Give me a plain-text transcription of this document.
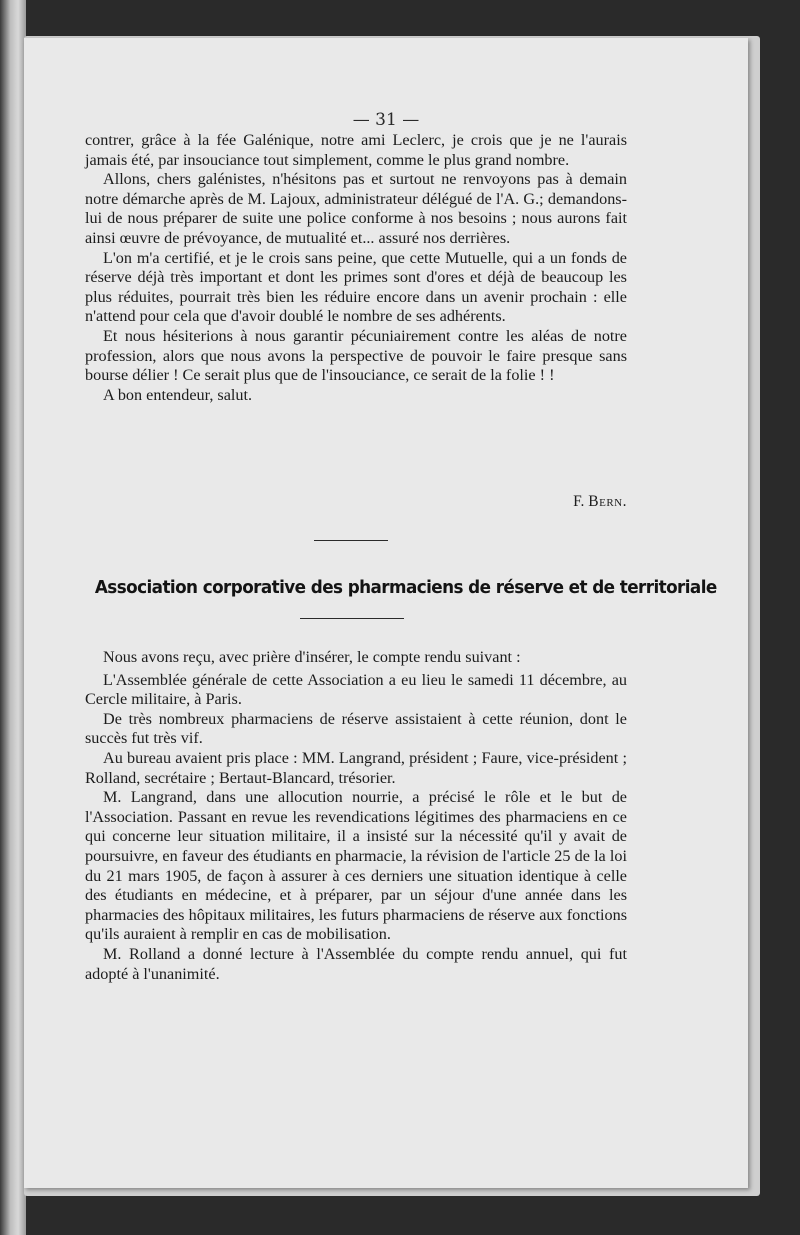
— 31 —

contrer, grâce à la fée Galénique, notre ami Leclerc, je crois que je ne l'aurais jamais été, par insouciance tout simplement, comme le plus grand nombre.

Allons, chers galénistes, n'hésitons pas et surtout ne renvoyons pas à demain notre démarche après de M. Lajoux, administrateur délégué de l'A. G.; demandons-lui de nous préparer de suite une police conforme à nos besoins ; nous aurons fait ainsi œuvre de prévoyance, de mutualité et... assuré nos derrières.

L'on m'a certifié, et je le crois sans peine, que cette Mutuelle, qui a un fonds de réserve déjà très important et dont les primes sont d'ores et déjà de beaucoup les plus réduites, pourrait très bien les réduire encore dans un avenir prochain : elle n'attend pour cela que d'avoir doublé le nombre de ses adhérents.

Et nous hésiterions à nous garantir pécuniairement contre les aléas de notre profession, alors que nous avons la perspective de pouvoir le faire presque sans bourse délier ! Ce serait plus que de l'insouciance, ce serait de la folie ! !

A bon entendeur, salut.

F. Bern.
Association corporative des pharmaciens de réserve et de territoriale

Nous avons reçu, avec prière d'insérer, le compte rendu suivant :

L'Assemblée générale de cette Association a eu lieu le samedi 11 décembre, au Cercle militaire, à Paris.

De très nombreux pharmaciens de réserve assistaient à cette réunion, dont le succès fut très vif.

Au bureau avaient pris place : MM. Langrand, président ; Faure, vice-président ; Rolland, secrétaire ; Bertaut-Blancard, trésorier.

M. Langrand, dans une allocution nourrie, a précisé le rôle et le but de l'Association. Passant en revue les revendications légitimes des pharmaciens en ce qui concerne leur situation militaire, il a insisté sur la nécessité qu'il y avait de poursuivre, en faveur des étudiants en pharmacie, la révision de l'article 25 de la loi du 21 mars 1905, de façon à assurer à ces derniers une situation identique à celle des étudiants en médecine, et à préparer, par un séjour d'une année dans les pharmacies des hôpitaux militaires, les futurs pharmaciens de réserve aux fonctions qu'ils auraient à remplir en cas de mobilisation.

M. Rolland a donné lecture à l'Assemblée du compte rendu annuel, qui fut adopté à l'unanimité.
